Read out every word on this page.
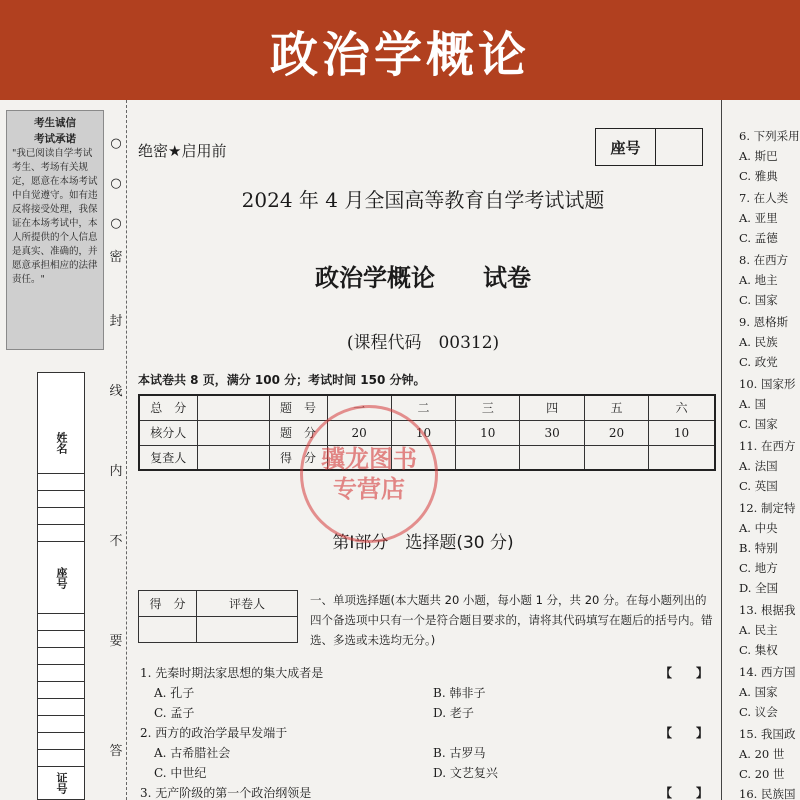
政治学概论
考生诚信
考试承诺
"我已阅读自学考试考生、考场有关规定，愿意在本场考试中自觉遵守。如有违反将接受处理，我保证在本场考试中，本人所提供的个人信息是真实、准确的，并愿意承担相应的法律责任。"
姓名
座号
证号
○
○
○
密
封
线
内
不
要
答
座号
绝密★启用前
2024 年 4 月全国高等教育自学考试试题
政治学概论　　试卷
(课程代码　00312)
本试卷共 8 页，满分 100 分；考试时间 150 分钟。
总　分		题　号	一	二	三	四	五	六
核分人		题　分	20	10	10	30	20	10
复查人		得　分						
第Ⅰ部分　选择题(30 分)
得　分	评卷人
		一、单项选择题(本大题共 20 小题，每小题 1 分，共 20 分。在每小题列出的四个备选项中只有一个是符合题目要求的，请将其代码填写在题后的括号内。错选、多选或未选均无分。)
1. 先秦时期法家思想的集大成者是	【　　】
A. 孔子	B. 韩非子
C. 孟子	D. 老子
2. 西方的政治学最早发端于	【　　】
A. 古希腊社会	B. 古罗马
C. 中世纪	D. 文艺复兴
3. 无产阶级的第一个政治纲领是	【　　】
骥龙图书
专营店
6. 下列采用
A. 斯巴
C. 雅典
7. 在人类
A. 亚里
C. 孟德
8. 在西方
A. 地主
C. 国家
9. 恩格斯
A. 民族
C. 政党
10. 国家形
A. 国
C. 国家
11. 在西方
A. 法国
C. 英国
12. 制定特
A. 中央
B. 特别
C. 地方
D. 全国
13. 根据我
A. 民主
C. 集权
14. 西方国
A. 国家
C. 议会
15. 我国政
A. 20 世
C. 20 世
16. 民族国
